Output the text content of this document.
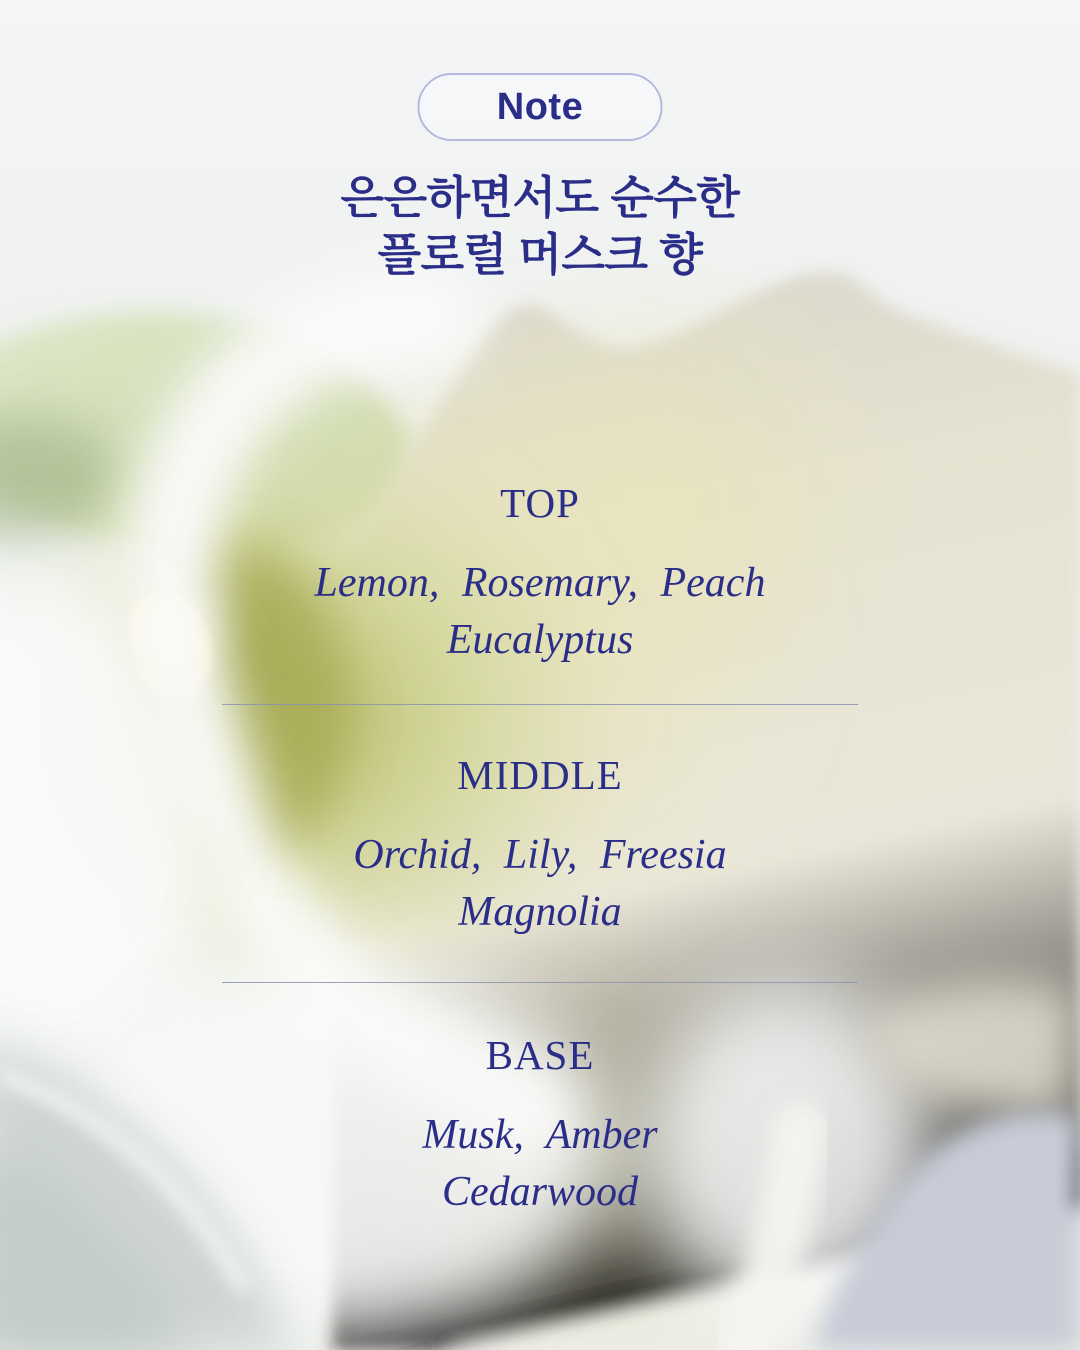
Note
은은하면서도 순수한
플로럴 머스크 향
TOP
Lemon, Rosemary, Peach
Eucalyptus
MIDDLE
Orchid, Lily, Freesia
Magnolia
BASE
Musk, Amber
Cedarwood
